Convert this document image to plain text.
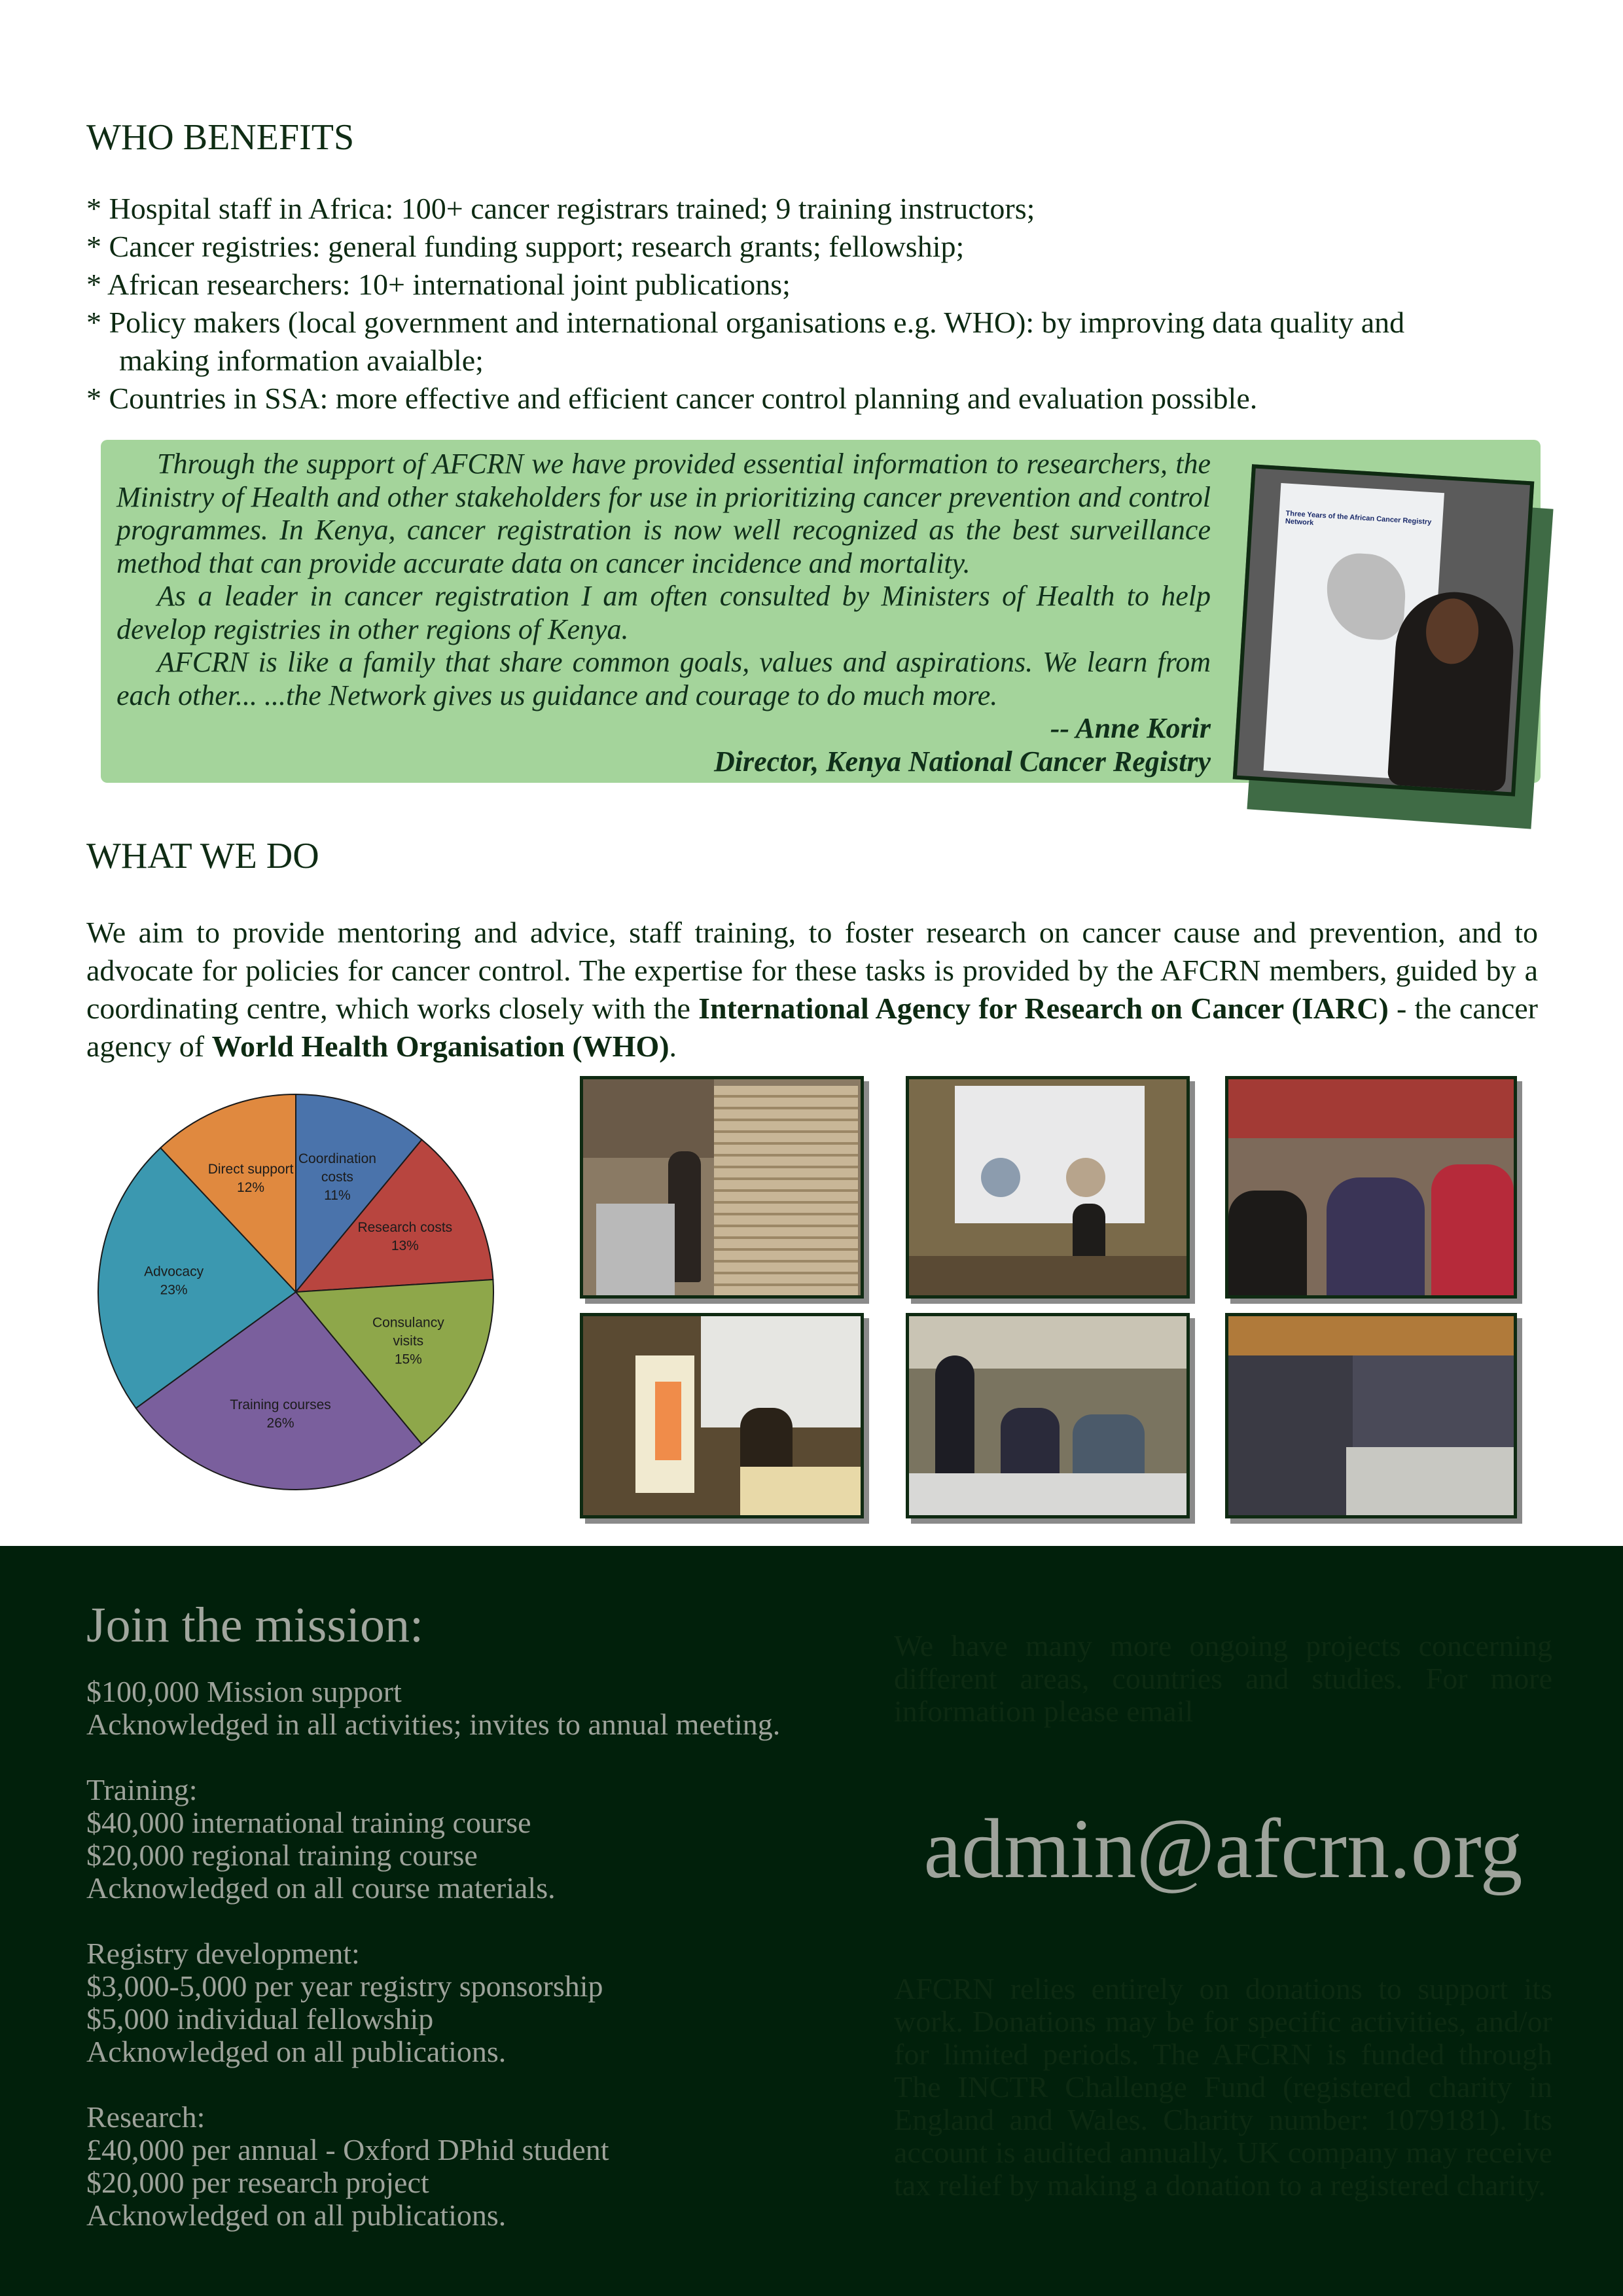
WHO BENEFITS
* Hospital staff in Africa: 100+ cancer registrars trained; 9 training instructors;
* Cancer registries: general funding support; research grants; fellowship;
* African researchers: 10+ international joint publications;
* Policy makers (local government and international organisations e.g. WHO): by improving data quality and
making information avaialble;
* Countries in SSA: more effective and efficient cancer control planning and evaluation possible.

Through the support of AFCRN we have provided essential information to researchers, the Ministry of Health and other stakeholders for use in prioritizing cancer prevention and control programmes. In Kenya, cancer registration is now well recognized as the best surveillance method that can provide accurate data on cancer incidence and mortality.

As a leader in cancer registration I am often consulted by Ministers of Health to help develop registries in other regions of Kenya.

AFCRN is like a family that share common goals, values and aspirations. We learn from each other... ...the Network gives us guidance and courage to do much more.

-- Anne Korir

Director, Kenya National Cancer Registry

Three Years of the African Cancer Registry Network
WHAT WE DO
We aim to provide mentoring and advice, staff training, to foster research on cancer cause and prevention, and to advocate for policies for cancer control. The expertise for these tasks is provided by the AFCRN members, guided by a coordinating centre, which works closely with the International Agency for Research on Cancer (IARC) - the cancer agency of World Health Organisation (WHO).
Coordination costs 11%
Research costs 13%
Consulancy visits 15%
Training courses 26%
Advocacy 23%
Direct support 12%
Join the mission:

$100,000 Mission support
Acknowledged in all activities; invites to annual meeting.

Training:
$40,000 international training course
$20,000 regional training course
Acknowledged on all course materials.

Registry development:
$3,000-5,000 per year registry sponsorship
$5,000 individual fellowship
Acknowledged on all publications.

Research:
£40,000 per annual - Oxford DPhid student
$20,000 per research project
Acknowledged on all publications.

We have many more ongoing projects concerning different areas, countries and studies. For more information please email
admin@afcrn.org
AFCRN relies entirely on donations to support its work. Donations may be for specific activities, and/or for limited periods. The AFCRN is funded through The INCTR Challenge Fund (registered charity in England and Wales. Charity number: 1079181). Its account is audited annually. UK company may receive tax relief by making a donation to a registered charity.
